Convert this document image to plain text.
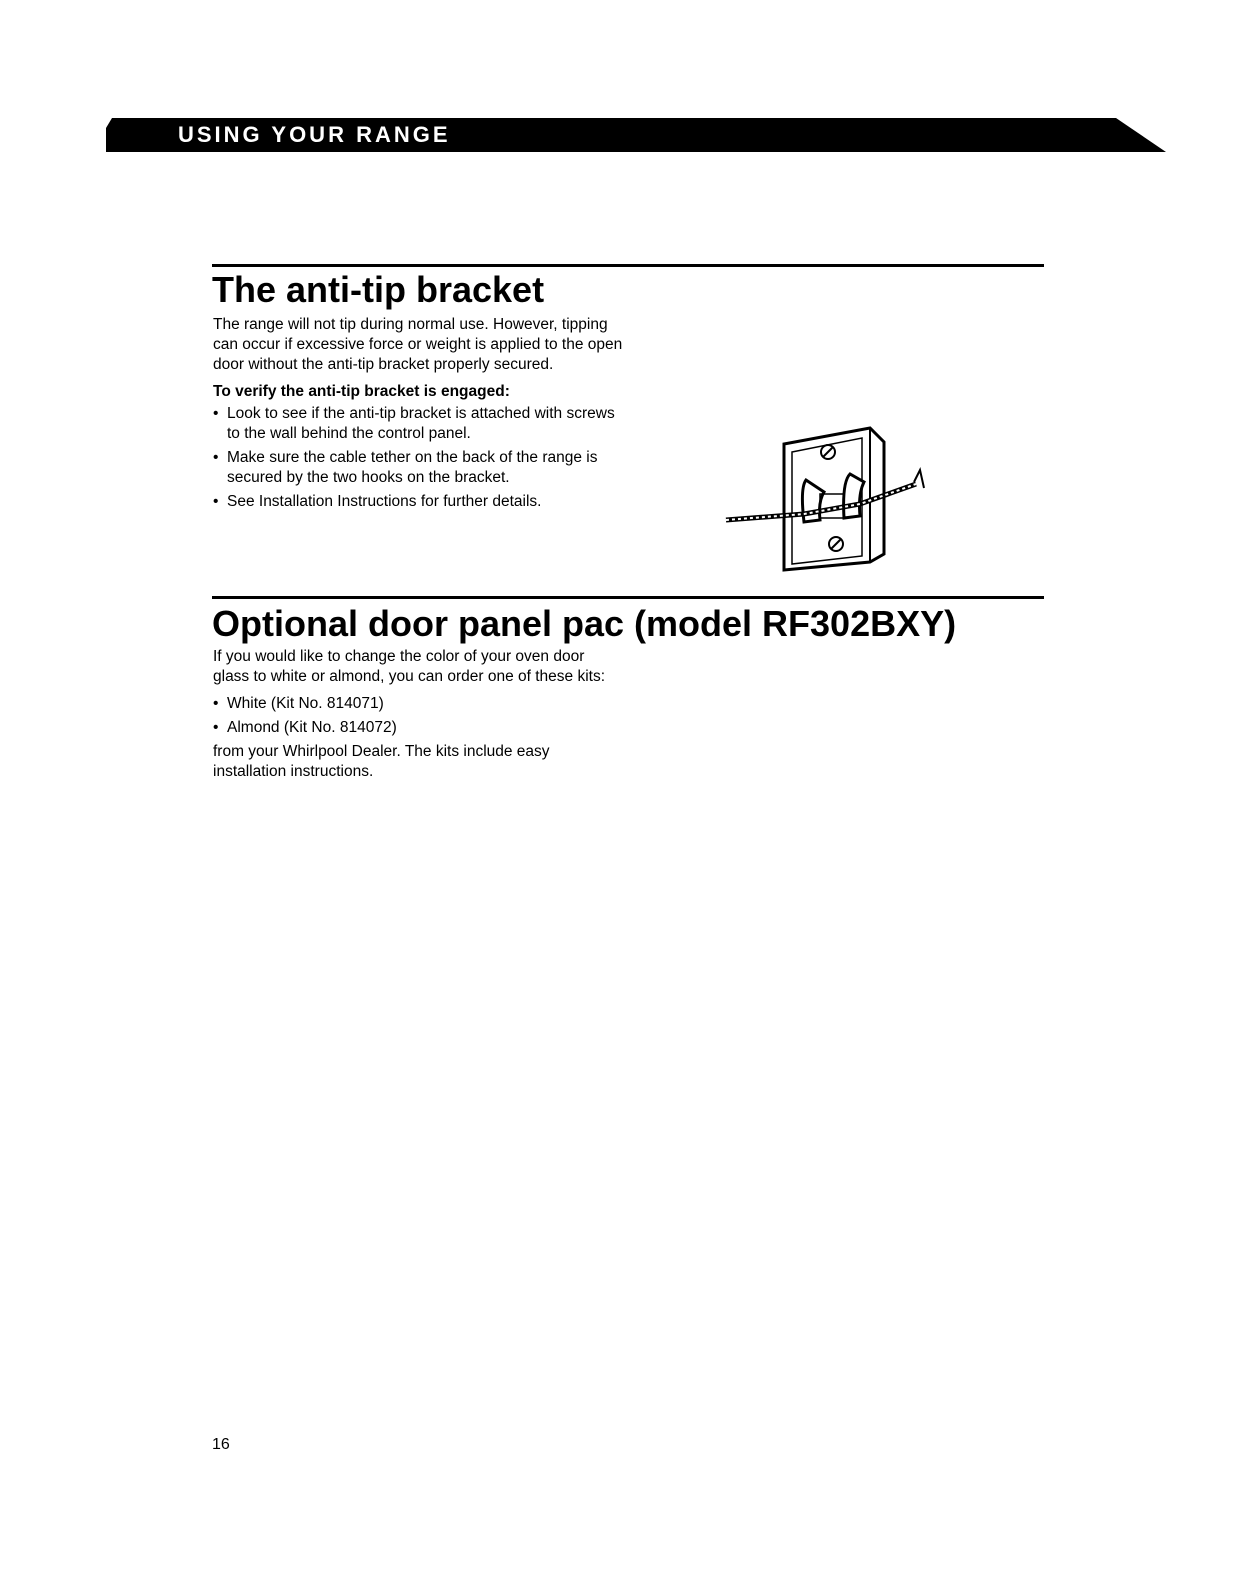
USING YOUR RANGE
The anti-tip bracket

The range will not tip during normal use. However, tipping can occur if excessive force or weight is applied to the open door without the anti-tip bracket properly secured.

To verify the anti-tip bracket is engaged:

• Look to see if the anti-tip bracket is attached with screws to the wall behind the control panel.
• Make sure the cable tether on the back of the range is secured by the two hooks on the bracket.
• See Installation Instructions for further details.
Optional door panel pac (model RF302BXY)

If you would like to change the color of your oven door glass to white or almond, you can order one of these kits:

• White (Kit No. 814071)
• Almond (Kit No. 814072)

from your Whirlpool Dealer. The kits include easy installation instructions.

16
